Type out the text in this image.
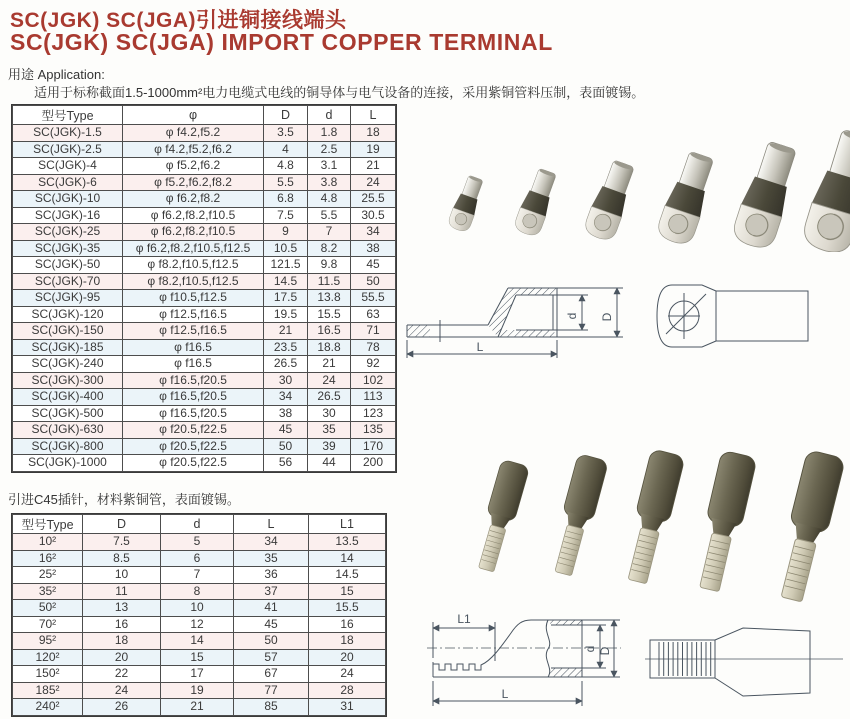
SC(JGK) SC(JGA)引进铜接线端头
SC(JGK) SC(JGA) IMPORT COPPER TERMINAL
用途 Application:
适用于标称截面1.5-1000mm²电力电缆式电线的铜导体与电气设备的连接，采用紫铜管料压制，表面镀锡。
型号Type	φ	D	d	L
SC(JGK)-1.5	φ f4.2,f5.2	3.5	1.8	18
SC(JGK)-2.5	φ f4.2,f5.2,f6.2	4	2.5	19
SC(JGK)-4	φ f5.2,f6.2	4.8	3.1	21
SC(JGK)-6	φ f5.2,f6.2,f8.2	5.5	3.8	24
SC(JGK)-10	φ f6.2,f8.2	6.8	4.8	25.5
SC(JGK)-16	φ f6.2,f8.2,f10.5	7.5	5.5	30.5
SC(JGK)-25	φ f6.2,f8.2,f10.5	9	7	34
SC(JGK)-35	φ f6.2,f8.2,f10.5,f12.5	10.5	8.2	38
SC(JGK)-50	φ f8.2,f10.5,f12.5	121.5	9.8	45
SC(JGK)-70	φ f8.2,f10.5,f12.5	14.5	11.5	50
SC(JGK)-95	φ f10.5,f12.5	17.5	13.8	55.5
SC(JGK)-120	φ f12.5,f16.5	19.5	15.5	63
SC(JGK)-150	φ f12.5,f16.5	21	16.5	71
SC(JGK)-185	φ f16.5	23.5	18.8	78
SC(JGK)-240	φ f16.5	26.5	21	92
SC(JGK)-300	φ f16.5,f20.5	30	24	102
SC(JGK)-400	φ f16.5,f20.5	34	26.5	113
SC(JGK)-500	φ f16.5,f20.5	38	30	123
SC(JGK)-630	φ f20.5,f22.5	45	35	135
SC(JGK)-800	φ f20.5,f22.5	50	39	170
SC(JGK)-1000	φ f20.5,f22.5	56	44	200
引进C45插针，材料紫铜管，表面镀锡。
型号Type	D	d	L	L1
10²	7.5	5	34	13.5
16²	8.5	6	35	14
25²	10	7	36	14.5
35²	11	8	37	15
50²	13	10	41	15.5
70²	16	12	45	16
95²	18	14	50	18
120²	20	15	57	20
150²	22	17	67	24
185²	24	19	77	28
240²	26	21	85	31
d D
L
L1
d D
L
